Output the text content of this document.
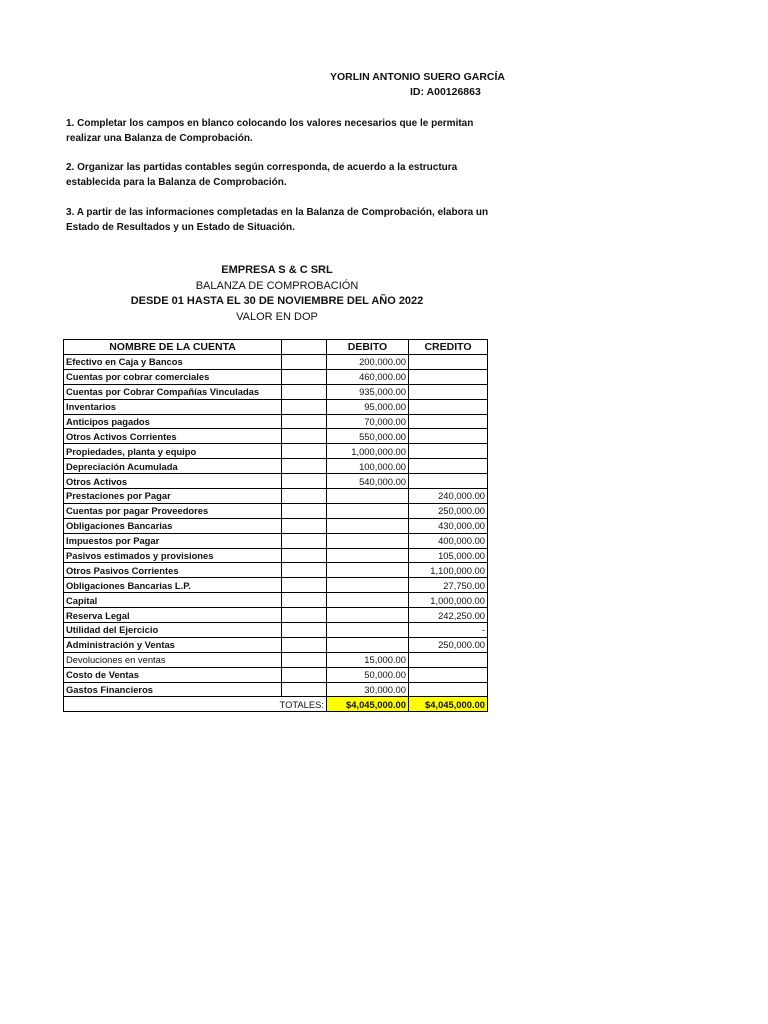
YORLIN ANTONIO SUERO GARCÍA
ID: A00126863
1. Completar los campos en blanco colocando los valores necesarios que le permitan realizar una Balanza de Comprobación.
2. Organizar las partidas contables según corresponda, de acuerdo a la estructura establecida para la Balanza de Comprobación.
3. A partir de las informaciones completadas en la Balanza de Comprobación, elabora un Estado de Resultados y un Estado de Situación.
EMPRESA S & C SRL
BALANZA DE COMPROBACIÓN
DESDE 01 HASTA EL 30 DE NOVIEMBRE DEL AÑO 2022
VALOR EN DOP
NOMBRE DE LA CUENTA		DEBITO	CREDITO
Efectivo en Caja y Bancos		200,000.00	
Cuentas por cobrar comerciales		460,000.00	
Cuentas por Cobrar Compañías Vinculadas		935,000.00	
Inventarios		95,000.00	
Anticipos pagados		70,000.00	
Otros Activos Corrientes		550,000.00	
Propiedades, planta y equipo		1,000,000.00	
Depreciación Acumulada		100,000.00	
Otros Activos		540,000.00	
Prestaciones por Pagar			240,000.00
Cuentas por pagar Proveedores			250,000.00
Obligaciones Bancarias			430,000.00
Impuestos por Pagar			400,000.00
Pasivos estimados y provisiones			105,000.00
Otros Pasivos Corrientes			1,100,000.00
Obligaciones Bancarias L.P.			27,750.00
Capital			1,000,000.00
Reserva Legal			242,250.00
Utilidad del Ejercicio			-
Administración y Ventas			250,000.00
Devoluciones en ventas		15,000.00	
Costo de Ventas		50,000.00	
Gastos Financieros		30,000.00	
TOTALES:		$4,045,000.00	$4,045,000.00
